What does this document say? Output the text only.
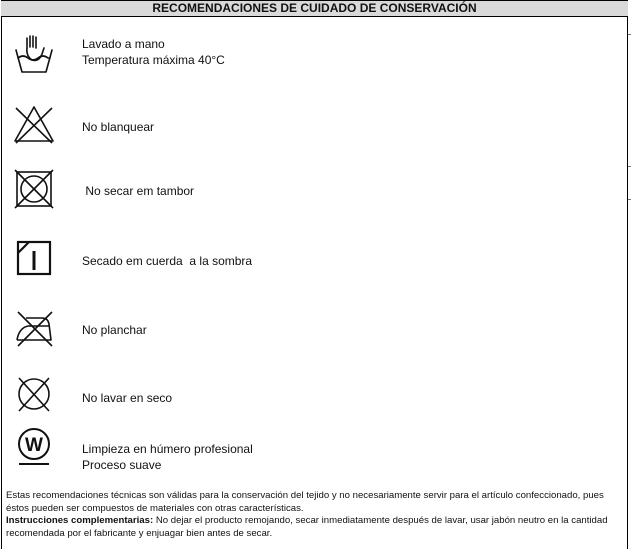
RECOMENDACIONES DE CUIDADO DE CONSERVACIÓN
Lavado a mano
Temperatura máxima 40°C
No blanquear
No secar em tambor
Secado em cuerda  a la sombra
No planchar
No lavar en seco
W	Limpieza en húmero profesional
Proceso suave
Estas recomendaciones técnicas son válidas para la conservación del tejido y no necesariamente servir para el artículo confeccionado, pues éstos pueden ser compuestos de materiales con otras características.
Instrucciones complementarias: No dejar el producto remojando, secar inmediatamente después de lavar, usar jabón neutro en la cantidad recomendada por el fabricante y enjuagar bien antes de secar.
